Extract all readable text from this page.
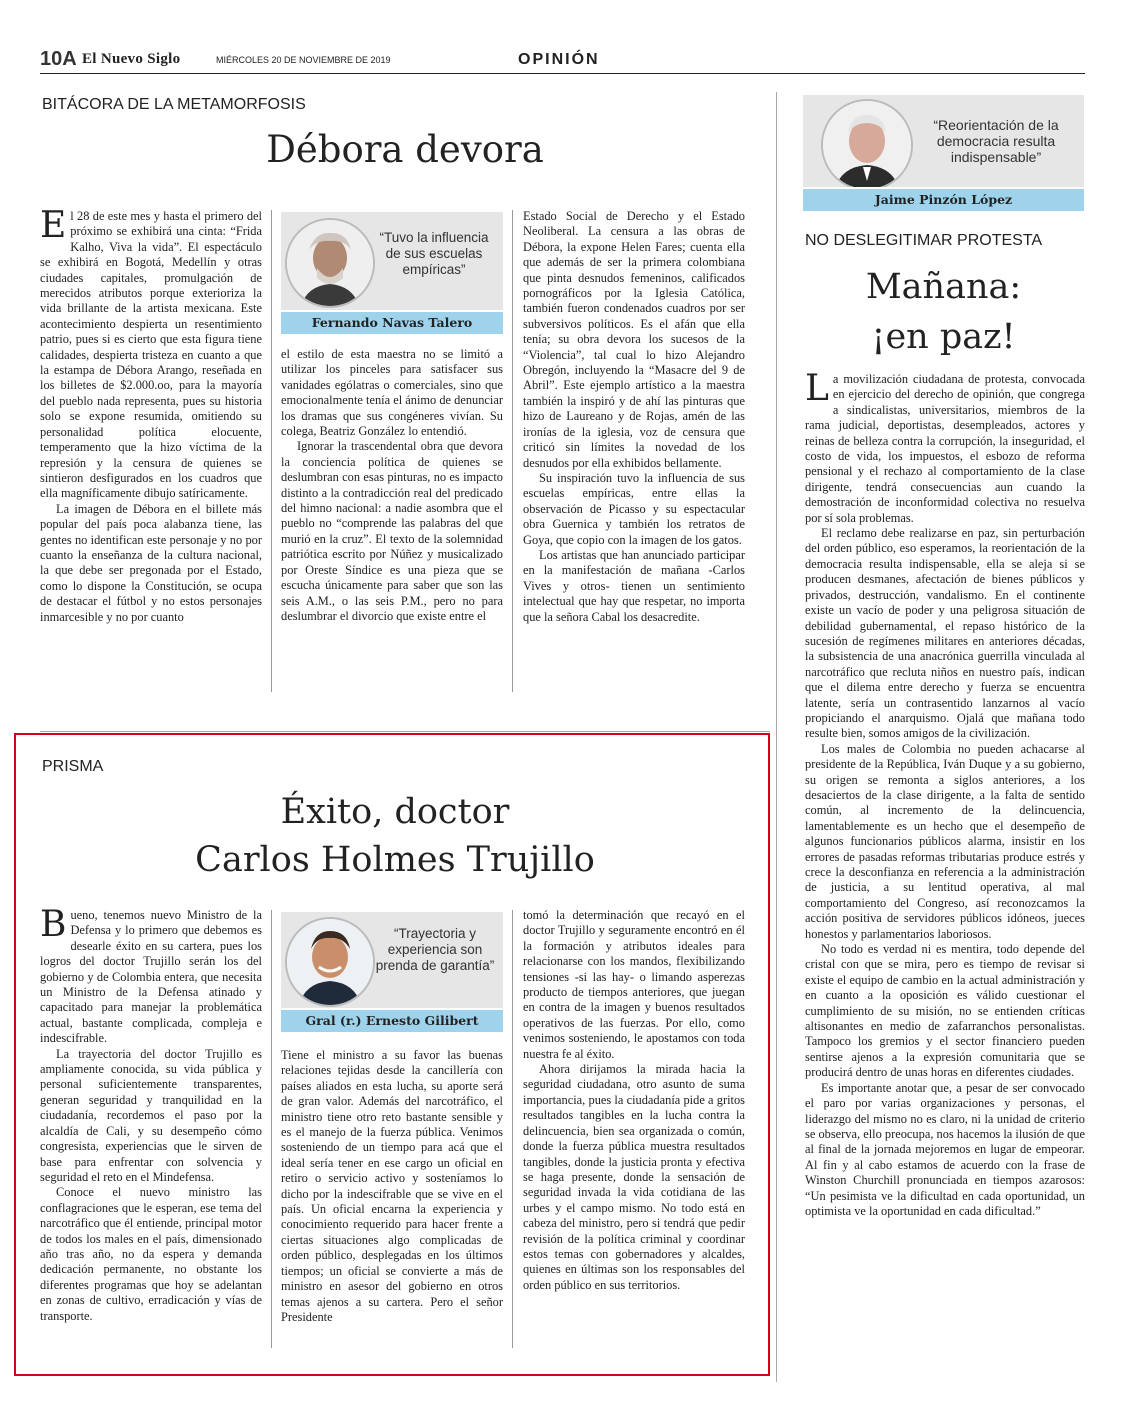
10A El Nuevo Siglo	MIÉRCOLES 20 DE NOVIEMBRE DE 2019	OPINIÓN
BITÁCORA DE LA METAMORFOSIS
Débora devora

El 28 de este mes y hasta el primero del próximo se exhibirá una cinta: “Frida Kalho, Viva la vida”. El espectáculo se exhibirá en Bogotá, Medellín y otras ciudades capitales, promulgación de merecidos atributos porque exterioriza la vida brillante de la artista mexicana. Este acontecimiento despierta un resentimiento patrio, pues si es cierto que esta figura tiene calidades, despierta tristeza en cuanto a que la estampa de Débora Arango, reseñada en los billetes de $2.000.oo, para la mayoría del pueblo nada representa, pues su historia solo se expone resumida, omitiendo su personalidad política elocuente, temperamento que la hizo víctima de la represión y la censura de quienes se sintieron desfigurados en los cuadros que ella magníficamente dibujo satíricamente.

La imagen de Débora en el billete más popular del país poca alabanza tiene, las gentes no identifican este personaje y no por cuanto la enseñanza de la cultura nacional, la que debe ser pregonada por el Estado, como lo dispone la Constitución, se ocupa de destacar el fútbol y no estos personajes inmarcesible y no por cuanto

“Tuvo la influencia de sus escuelas empíricas”
Fernando Navas Talero

el estilo de esta maestra no se limitó a utilizar los pinceles para satisfacer sus vanidades ególatras o comerciales, sino que emocionalmente tenía el ánimo de denunciar los dramas que sus congéneres vivían. Su colega, Beatriz González lo entendió.

Ignorar la trascendental obra que devora la conciencia política de quienes se deslumbran con esas pinturas, no es impacto distinto a la contradicción real del predicado del himno nacional: a nadie asombra que el pueblo no “comprende las palabras del que murió en la cruz”. El texto de la solemnidad patriótica escrito por Núñez y musicalizado por Oreste Síndice es una pieza que se escucha únicamente para saber que son las seis A.M., o las seis P.M., pero no para deslumbrar el divorcio que existe entre el

Estado Social de Derecho y el Estado Neoliberal. La censura a las obras de Débora, la expone Helen Fares; cuenta ella que además de ser la primera colombiana que pinta desnudos femeninos, calificados pornográficos por la Iglesia Católica, también fueron condenados cuadros por ser subversivos políticos. Es el afán que ella tenía; su obra devora los sucesos de la “Violencia”, tal cual lo hizo Alejandro Obregón, incluyendo la “Masacre del 9 de Abril”. Este ejemplo artístico a la maestra también la inspiró y de ahí las pinturas que hizo de Laureano y de Rojas, amén de las ironías de la iglesia, voz de censura que criticó sin límites la novedad de los desnudos por ella exhibidos bellamente.

Su inspiración tuvo la influencia de sus escuelas empíricas, entre ellas la observación de Picasso y su espectacular obra Guernica y también los retratos de Goya, que copio con la imagen de los gatos.

Los artistas que han anunciado participar en la manifestación de mañana -Carlos Vives y otros- tienen un sentimiento intelectual que hay que respetar, no importa que la señora Cabal los desacredite.

PRISMA
Éxito, doctor
Carlos Holmes Trujillo

Bueno, tenemos nuevo Ministro de la Defensa y lo primero que debemos es desearle éxito en su cartera, pues los logros del doctor Trujillo serán los del gobierno y de Colombia entera, que necesita un Ministro de la Defensa atinado y capacitado para manejar la problemática actual, bastante complicada, compleja e indescifrable.

La trayectoria del doctor Trujillo es ampliamente conocida, su vida pública y personal suficientemente transparentes, generan seguridad y tranquilidad en la ciudadanía, recordemos el paso por la alcaldía de Cali, y su desempeño cómo congresista, experiencias que le sirven de base para enfrentar con solvencia y seguridad el reto en el Mindefensa.

Conoce el nuevo ministro las conflagraciones que le esperan, ese tema del narcotráfico que él entiende, principal motor de todos los males en el país, dimensionado año tras año, no da espera y demanda dedicación permanente, no obstante los diferentes programas que hoy se adelantan en zonas de cultivo, erradicación y vías de transporte.

“Trayectoria y experiencia son prenda de garantía”
Gral (r.) Ernesto Gilibert

Tiene el ministro a su favor las buenas relaciones tejidas desde la cancillería con países aliados en esta lucha, su aporte será de gran valor. Además del narcotráfico, el ministro tiene otro reto bastante sensible y es el manejo de la fuerza pública. Venimos sosteniendo de un tiempo para acá que el ideal sería tener en ese cargo un oficial en retiro o servicio activo y sosteníamos lo dicho por la indescifrable que se vive en el país. Un oficial encarna la experiencia y conocimiento requerido para hacer frente a ciertas situaciones algo complicadas de orden público, desplegadas en los últimos tiempos; un oficial se convierte a más de ministro en asesor del gobierno en otros temas ajenos a su cartera. Pero el señor Presidente

tomó la determinación que recayó en el doctor Trujillo y seguramente encontró en él la formación y atributos ideales para relacionarse con los mandos, flexibilizando tensiones -si las hay- o limando asperezas producto de tiempos anteriores, que juegan en contra de la imagen y buenos resultados operativos de las fuerzas. Por ello, como venimos sosteniendo, le apostamos con toda nuestra fe al éxito.

Ahora dirijamos la mirada hacia la seguridad ciudadana, otro asunto de suma importancia, pues la ciudadanía pide a gritos resultados tangibles en la lucha contra la delincuencia, bien sea organizada o común, donde la fuerza pública muestra resultados tangibles, donde la justicia pronta y efectiva se haga presente, donde la sensación de seguridad invada la vida cotidiana de las urbes y el campo mismo. No todo está en cabeza del ministro, pero si tendrá que pedir revisión de la política criminal y coordinar estos temas con gobernadores y alcaldes, quienes en últimas son los responsables del orden público en sus territorios.

“Reorientación de la democracia resulta indispensable”
Jaime Pinzón López
NO DESLEGITIMAR PROTESTA
Mañana:
¡en paz!

La movilización ciudadana de protesta, convocada en ejercicio del derecho de opinión, que congrega a sindicalistas, universitarios, miembros de la rama judicial, deportistas, desempleados, actores y reinas de belleza contra la corrupción, la inseguridad, el costo de vida, los impuestos, el esbozo de reforma pensional y el rechazo al comportamiento de la clase dirigente, tendrá consecuencias aun cuando la demostración de inconformidad colectiva no resuelva por sí sola problemas.

El reclamo debe realizarse en paz, sin perturbación del orden público, eso esperamos, la reorientación de la democracia resulta indispensable, ella se aleja si se producen desmanes, afectación de bienes públicos y privados, destrucción, vandalismo. En el continente existe un vacío de poder y una peligrosa situación de debilidad gubernamental, el repaso histórico de la sucesión de regímenes militares en anteriores décadas, la subsistencia de una anacrónica guerrilla vinculada al narcotráfico que recluta niños en nuestro país, indican que el dilema entre derecho y fuerza se encuentra latente, sería un contrasentido lanzarnos al vacío propiciando el anarquismo. Ojalá que mañana todo resulte bien, somos amigos de la civilización.

Los males de Colombia no pueden achacarse al presidente de la República, Iván Duque y a su gobierno, su origen se remonta a siglos anteriores, a los desaciertos de la clase dirigente, a la falta de sentido común, al incremento de la delincuencia, lamentablemente es un hecho que el desempeño de algunos funcionarios públicos alarma, insistir en los errores de pasadas reformas tributarias produce estrés y crece la desconfianza en referencia a la administración de justicia, a su lentitud operativa, al mal comportamiento del Congreso, así reconozcamos la acción positiva de servidores públicos idóneos, jueces honestos y parlamentarios laboriosos.

No todo es verdad ni es mentira, todo depende del cristal con que se mira, pero es tiempo de revisar si existe el equipo de cambio en la actual administración y en cuanto a la oposición es válido cuestionar el cumplimiento de su misión, no se entienden críticas altisonantes en medio de zafarranchos personalistas. Tampoco los gremios y el sector financiero pueden sentirse ajenos a la expresión comunitaria que se producirá dentro de unas horas en diferentes ciudades.

Es importante anotar que, a pesar de ser convocado el paro por varias organizaciones y personas, el liderazgo del mismo no es claro, ni la unidad de criterio se observa, ello preocupa, nos hacemos la ilusión de que al final de la jornada mejoremos en lugar de empeorar. Al fin y al cabo estamos de acuerdo con la frase de Winston Churchill pronunciada en tiempos azarosos: “Un pesimista ve la dificultad en cada oportunidad, un optimista ve la oportunidad en cada dificultad.”
